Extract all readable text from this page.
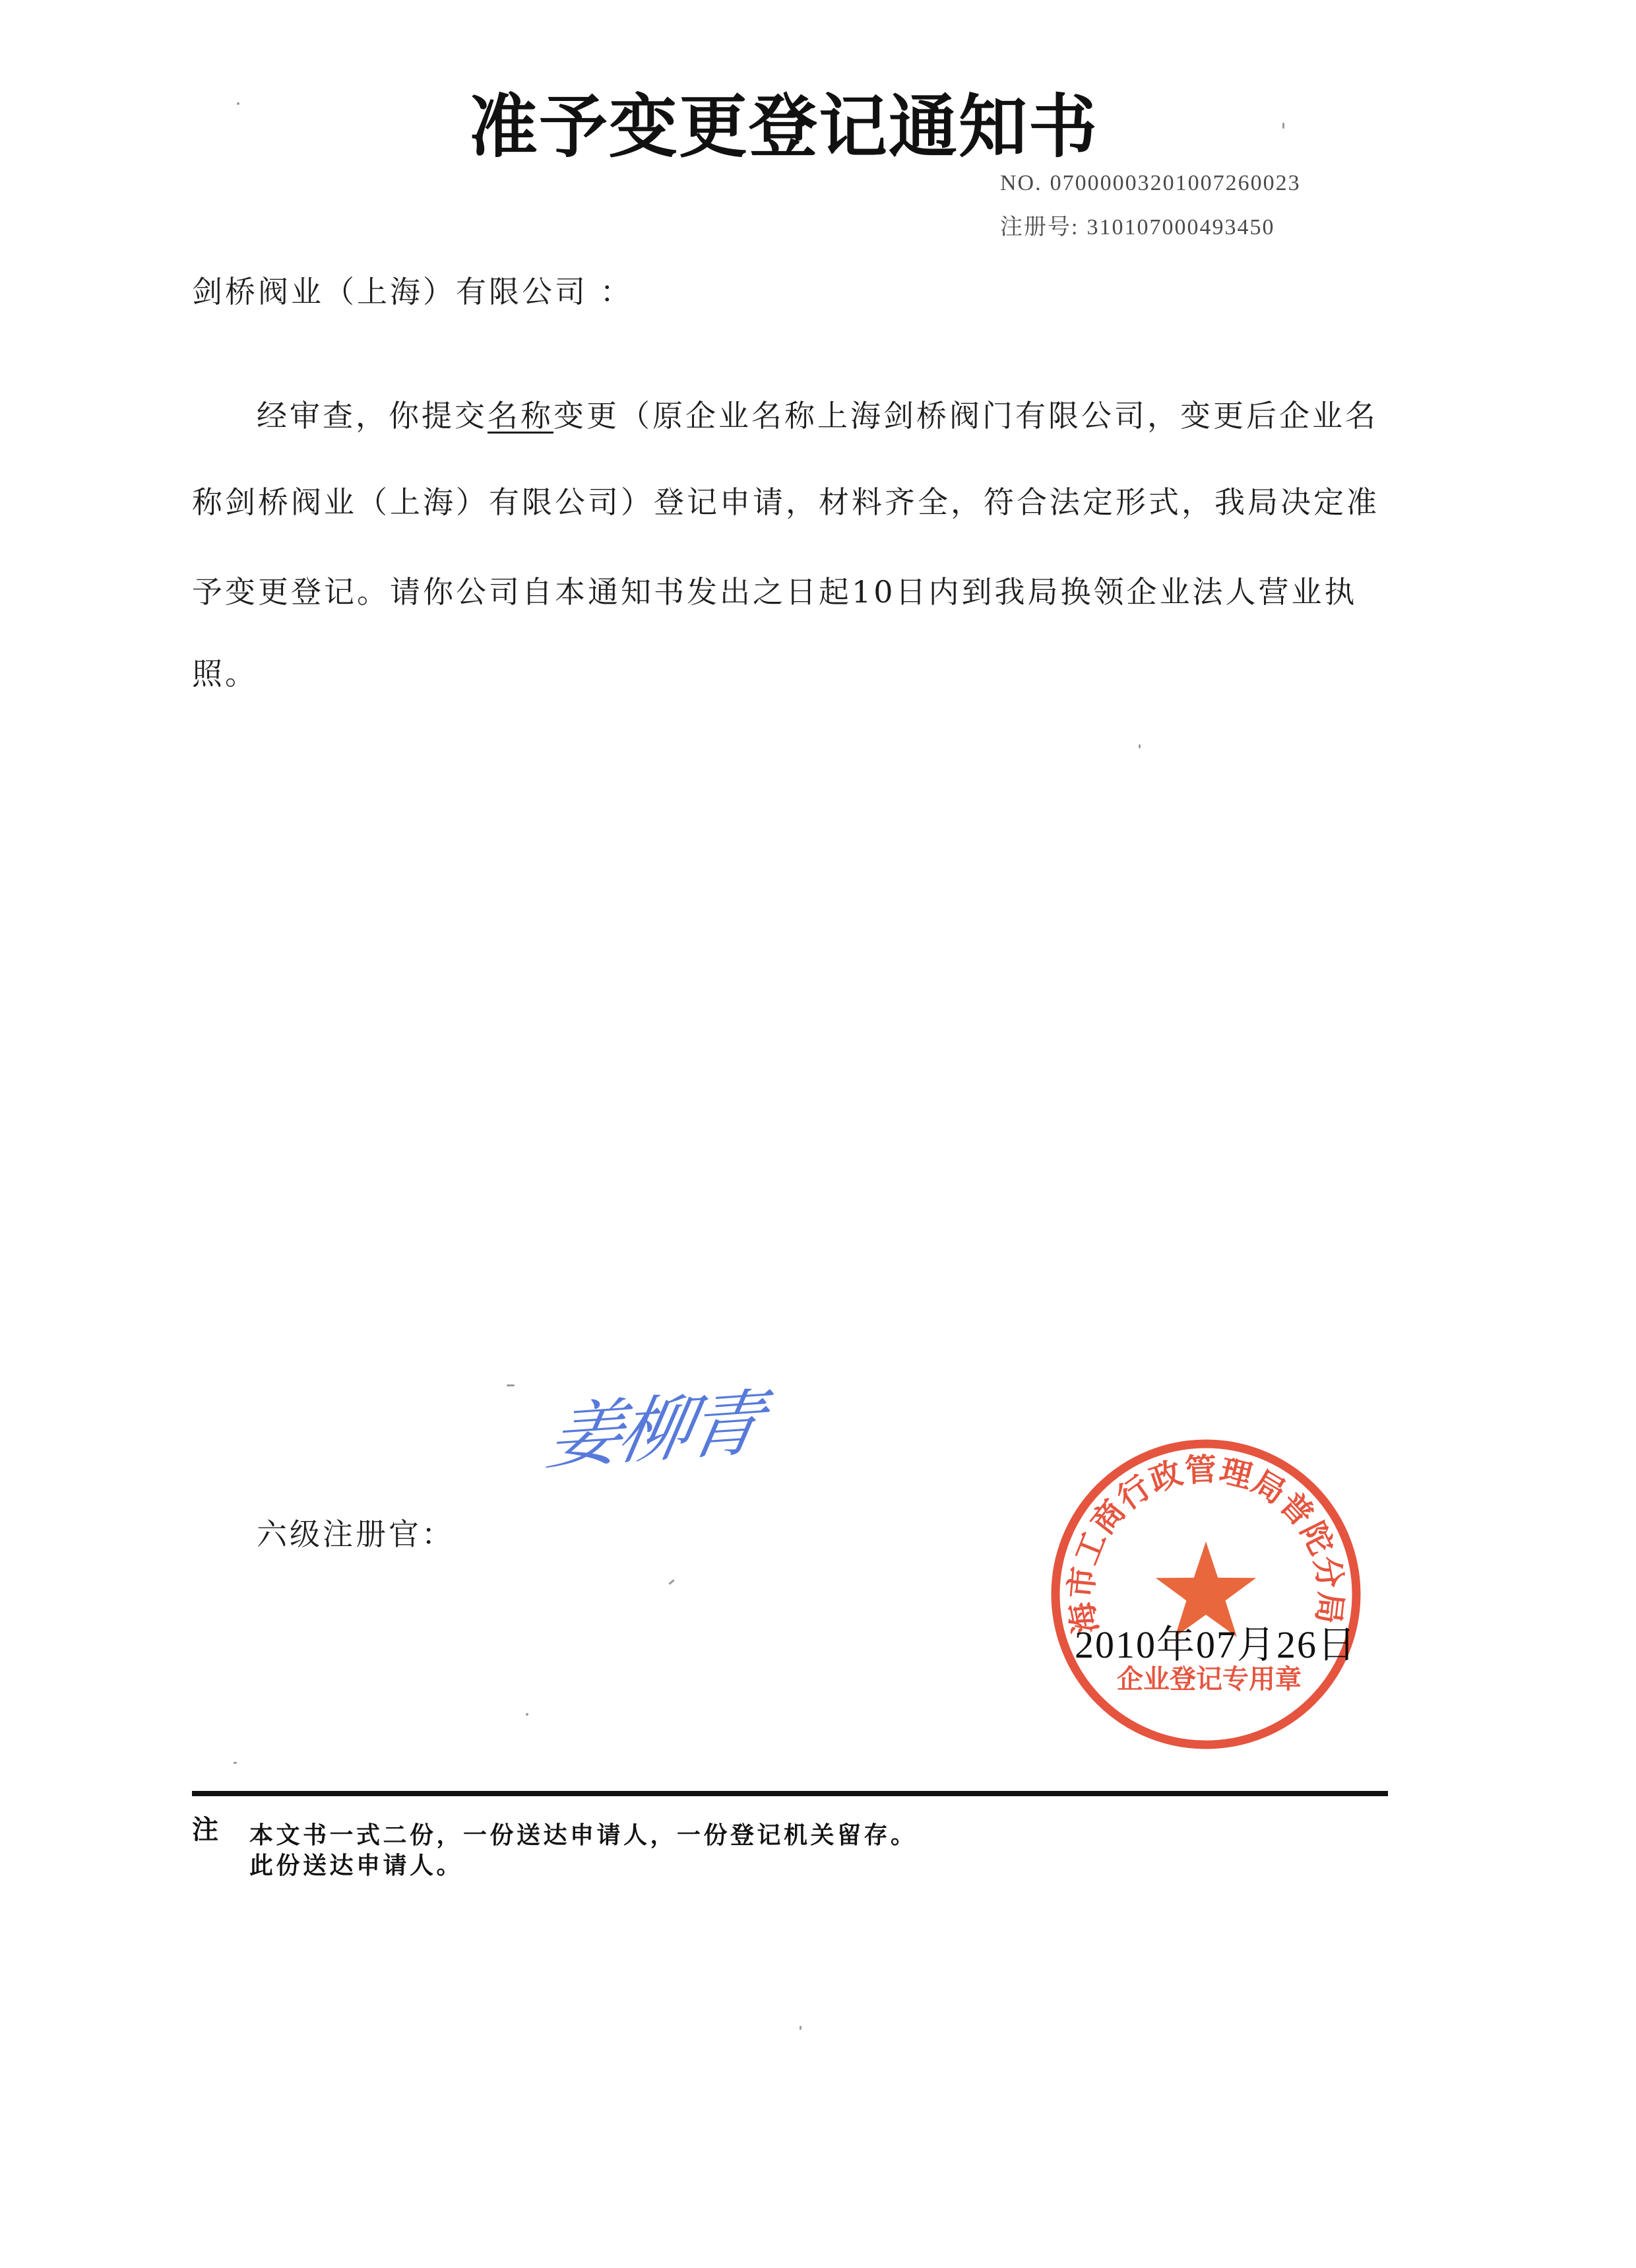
准予变更登记通知书
NO. 07000003201007260023
注册号: 310107000493450
剑桥阀业（上海）有限公司 ：
经审查，你提交名称变更（原企业名称上海剑桥阀门有限公司，变更后企业名
称剑桥阀业（上海）有限公司）登记申请，材料齐全，符合法定形式，我局决定准
予变更登记。请你公司自本通知书发出之日起10日内到我局换领企业法人营业执
照。
六级注册官：
姜柳青
2010年07月26日
海市工商行政管理局普陀分局
企业登记专用章
注 本文书一式二份，一份送达申请人，一份登记机关留存。
此份送达申请人。
